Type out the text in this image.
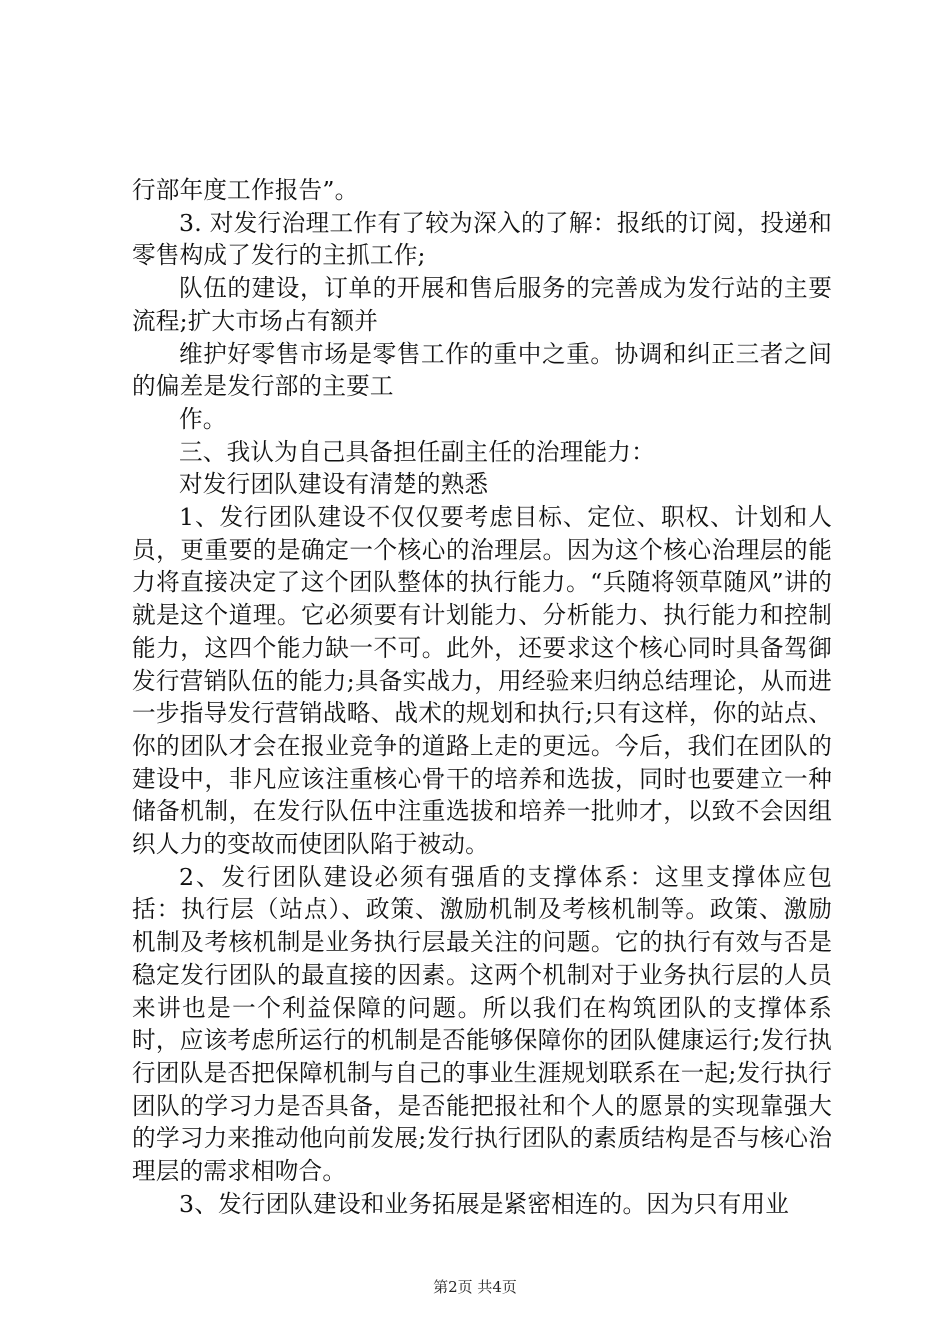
行部年度工作报告”。

3. 对发行治理工作有了较为深入的了解：报纸的订阅，投递和零售构成了发行的主抓工作;

队伍的建设，订单的开展和售后服务的完善成为发行站的主要流程;扩大市场占有额并

维护好零售市场是零售工作的重中之重。协调和纠正三者之间的偏差是发行部的主要工

作。

三、我认为自己具备担任副主任的治理能力：

对发行团队建设有清楚的熟悉

1、发行团队建设不仅仅要考虑目标、定位、职权、计划和人员，更重要的是确定一个核心的治理层。因为这个核心治理层的能力将直接决定了这个团队整体的执行能力。“兵随将领草随风”讲的就是这个道理。它必须要有计划能力、分析能力、执行能力和控制能力，这四个能力缺一不可。此外，还要求这个核心同时具备驾御发行营销队伍的能力;具备实战力，用经验来归纳总结理论，从而进一步指导发行营销战略、战术的规划和执行;只有这样，你的站点、你的团队才会在报业竞争的道路上走的更远。今后，我们在团队的建设中，非凡应该注重核心骨干的培养和选拔，同时也要建立一种储备机制，在发行队伍中注重选拔和培养一批帅才，以致不会因组织人力的变故而使团队陷于被动。

2、发行团队建设必须有强盾的支撑体系：这里支撑体应包括：执行层（站点）、政策、激励机制及考核机制等。政策、激励机制及考核机制是业务执行层最关注的问题。它的执行有效与否是稳定发行团队的最直接的因素。这两个机制对于业务执行层的人员来讲也是一个利益保障的问题。所以我们在构筑团队的支撑体系时，应该考虑所运行的机制是否能够保障你的团队健康运行;发行执行团队是否把保障机制与自己的事业生涯规划联系在一起;发行执行团队的学习力是否具备，是否能把报社和个人的愿景的实现靠强大的学习力来推动他向前发展;发行执行团队的素质结构是否与核心治理层的需求相吻合。

3、发行团队建设和业务拓展是紧密相连的。因为只有用业

第2页 共4页
